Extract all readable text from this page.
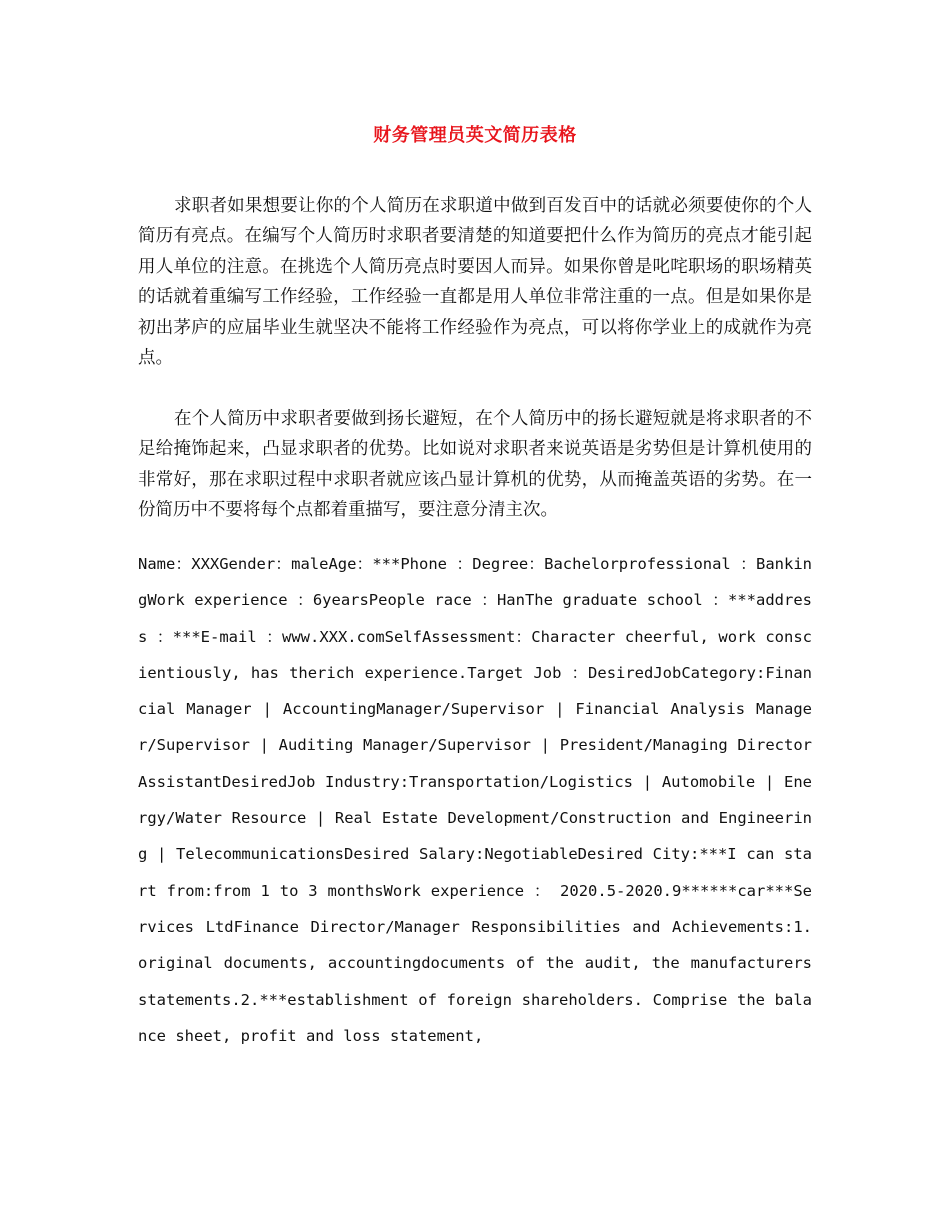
财务管理员英文简历表格

求职者如果想要让你的个人简历在求职道中做到百发百中的话就必须要使你的个人简历有亮点。在编写个人简历时求职者要清楚的知道要把什么作为简历的亮点才能引起用人单位的注意。在挑选个人简历亮点时要因人而异。如果你曾是叱咤职场的职场精英的话就着重编写工作经验，工作经验一直都是用人单位非常注重的一点。但是如果你是初出茅庐的应届毕业生就坚决不能将工作经验作为亮点，可以将你学业上的成就作为亮点。

在个人简历中求职者要做到扬长避短，在个人简历中的扬长避短就是将求职者的不足给掩饰起来，凸显求职者的优势。比如说对求职者来说英语是劣势但是计算机使用的非常好，那在求职过程中求职者就应该凸显计算机的优势，从而掩盖英语的劣势。在一份简历中不要将每个点都着重描写，要注意分清主次。

Name：XXXGender：maleAge：***Phone ：Degree：Bachelorprofessional ：BankingWork experience ：6yearsPeople race ：HanThe graduate school ：***address ：***E-mail ：www.XXX.comSelfAssessment：Character cheerful, work conscientiously, has therich experience.Target Job ：DesiredJobCategory:Financial Manager | AccountingManager/Supervisor | Financial Analysis Manager/Supervisor | Auditing Manager/Supervisor | President/Managing Director AssistantDesiredJob Industry:Transportation/Logistics | Automobile | Energy/Water Resource | Real Estate Development/Construction and Engineering | TelecommunicationsDesired Salary:NegotiableDesired City:***I can start from:from 1 to 3 monthsWork experience ： 2020.5-2020.9******car***Services LtdFinance Director/Manager Responsibilities and Achievements:1. original documents, accountingdocuments of the audit, the manufacturers statements.2.***establishment of foreign shareholders. Comprise the balance sheet, profit and loss statement,
